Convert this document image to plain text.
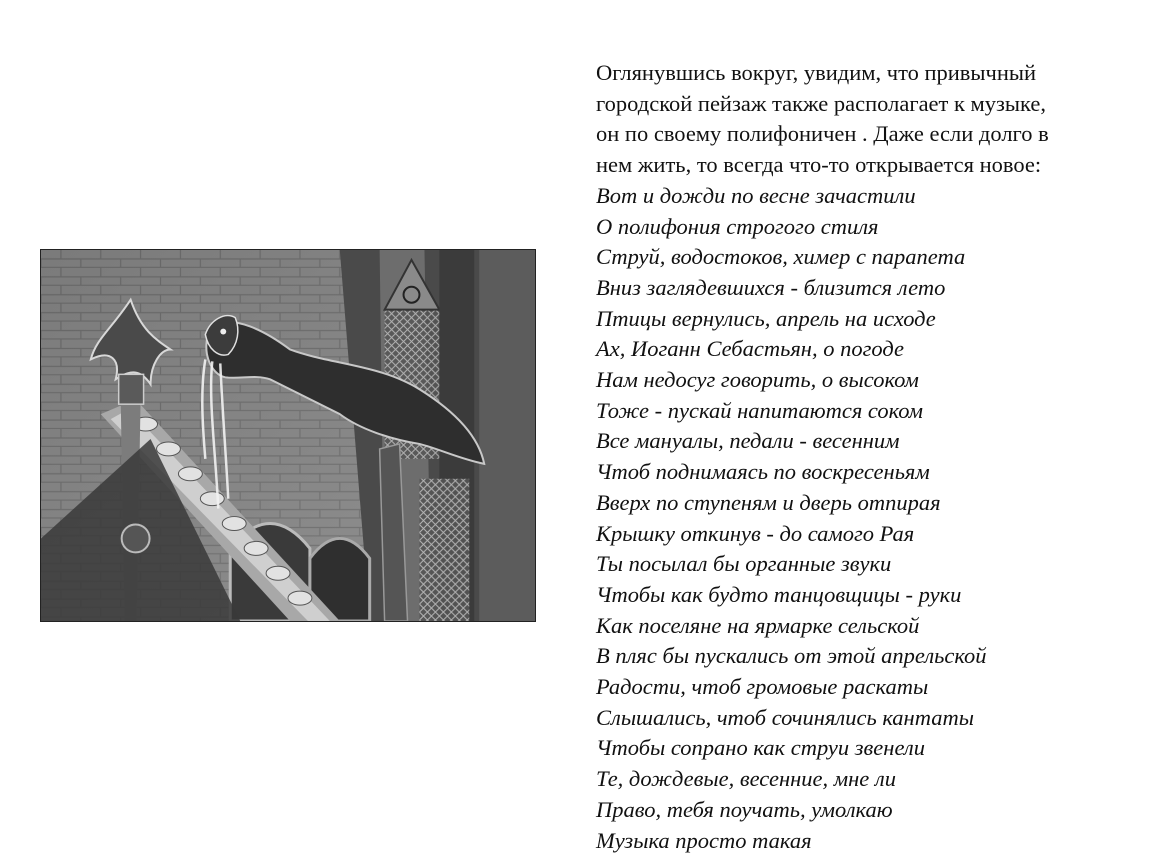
Оглянувшись вокруг, увидим, что привычный
городской пейзаж также располагает к музыке,
он по своему полифоничен . Даже если долго в
нем жить, то всегда что-то открывается новое:
Вот и дожди по весне зачастили
О полифония строгого стиля
Струй, водостоков, химер с парапета
Вниз заглядевшихся - близится лето
Птицы вернулись, апрель на исходе
Ах, Иоганн Себастьян, о погоде
Нам недосуг говорить, о высоком
Тоже - пускай напитаются соком
Все мануалы, педали - весенним
Чтоб поднимаясь по воскресеньям
Вверх по ступеням и дверь отпирая
Крышку откинув - до самого Рая
Ты посылал бы органные звуки
Чтобы как будто танцовщицы - руки
Как поселяне на ярмарке сельской
В пляс бы пускались от этой апрельской
Радости, чтоб громовые раскаты
Слышались, чтоб сочинялись кантаты
Чтобы сопрано как струи звенели
Те, дождевые, весенние, мне ли
Право, тебя поучать, умолкаю
Музыка просто такая
